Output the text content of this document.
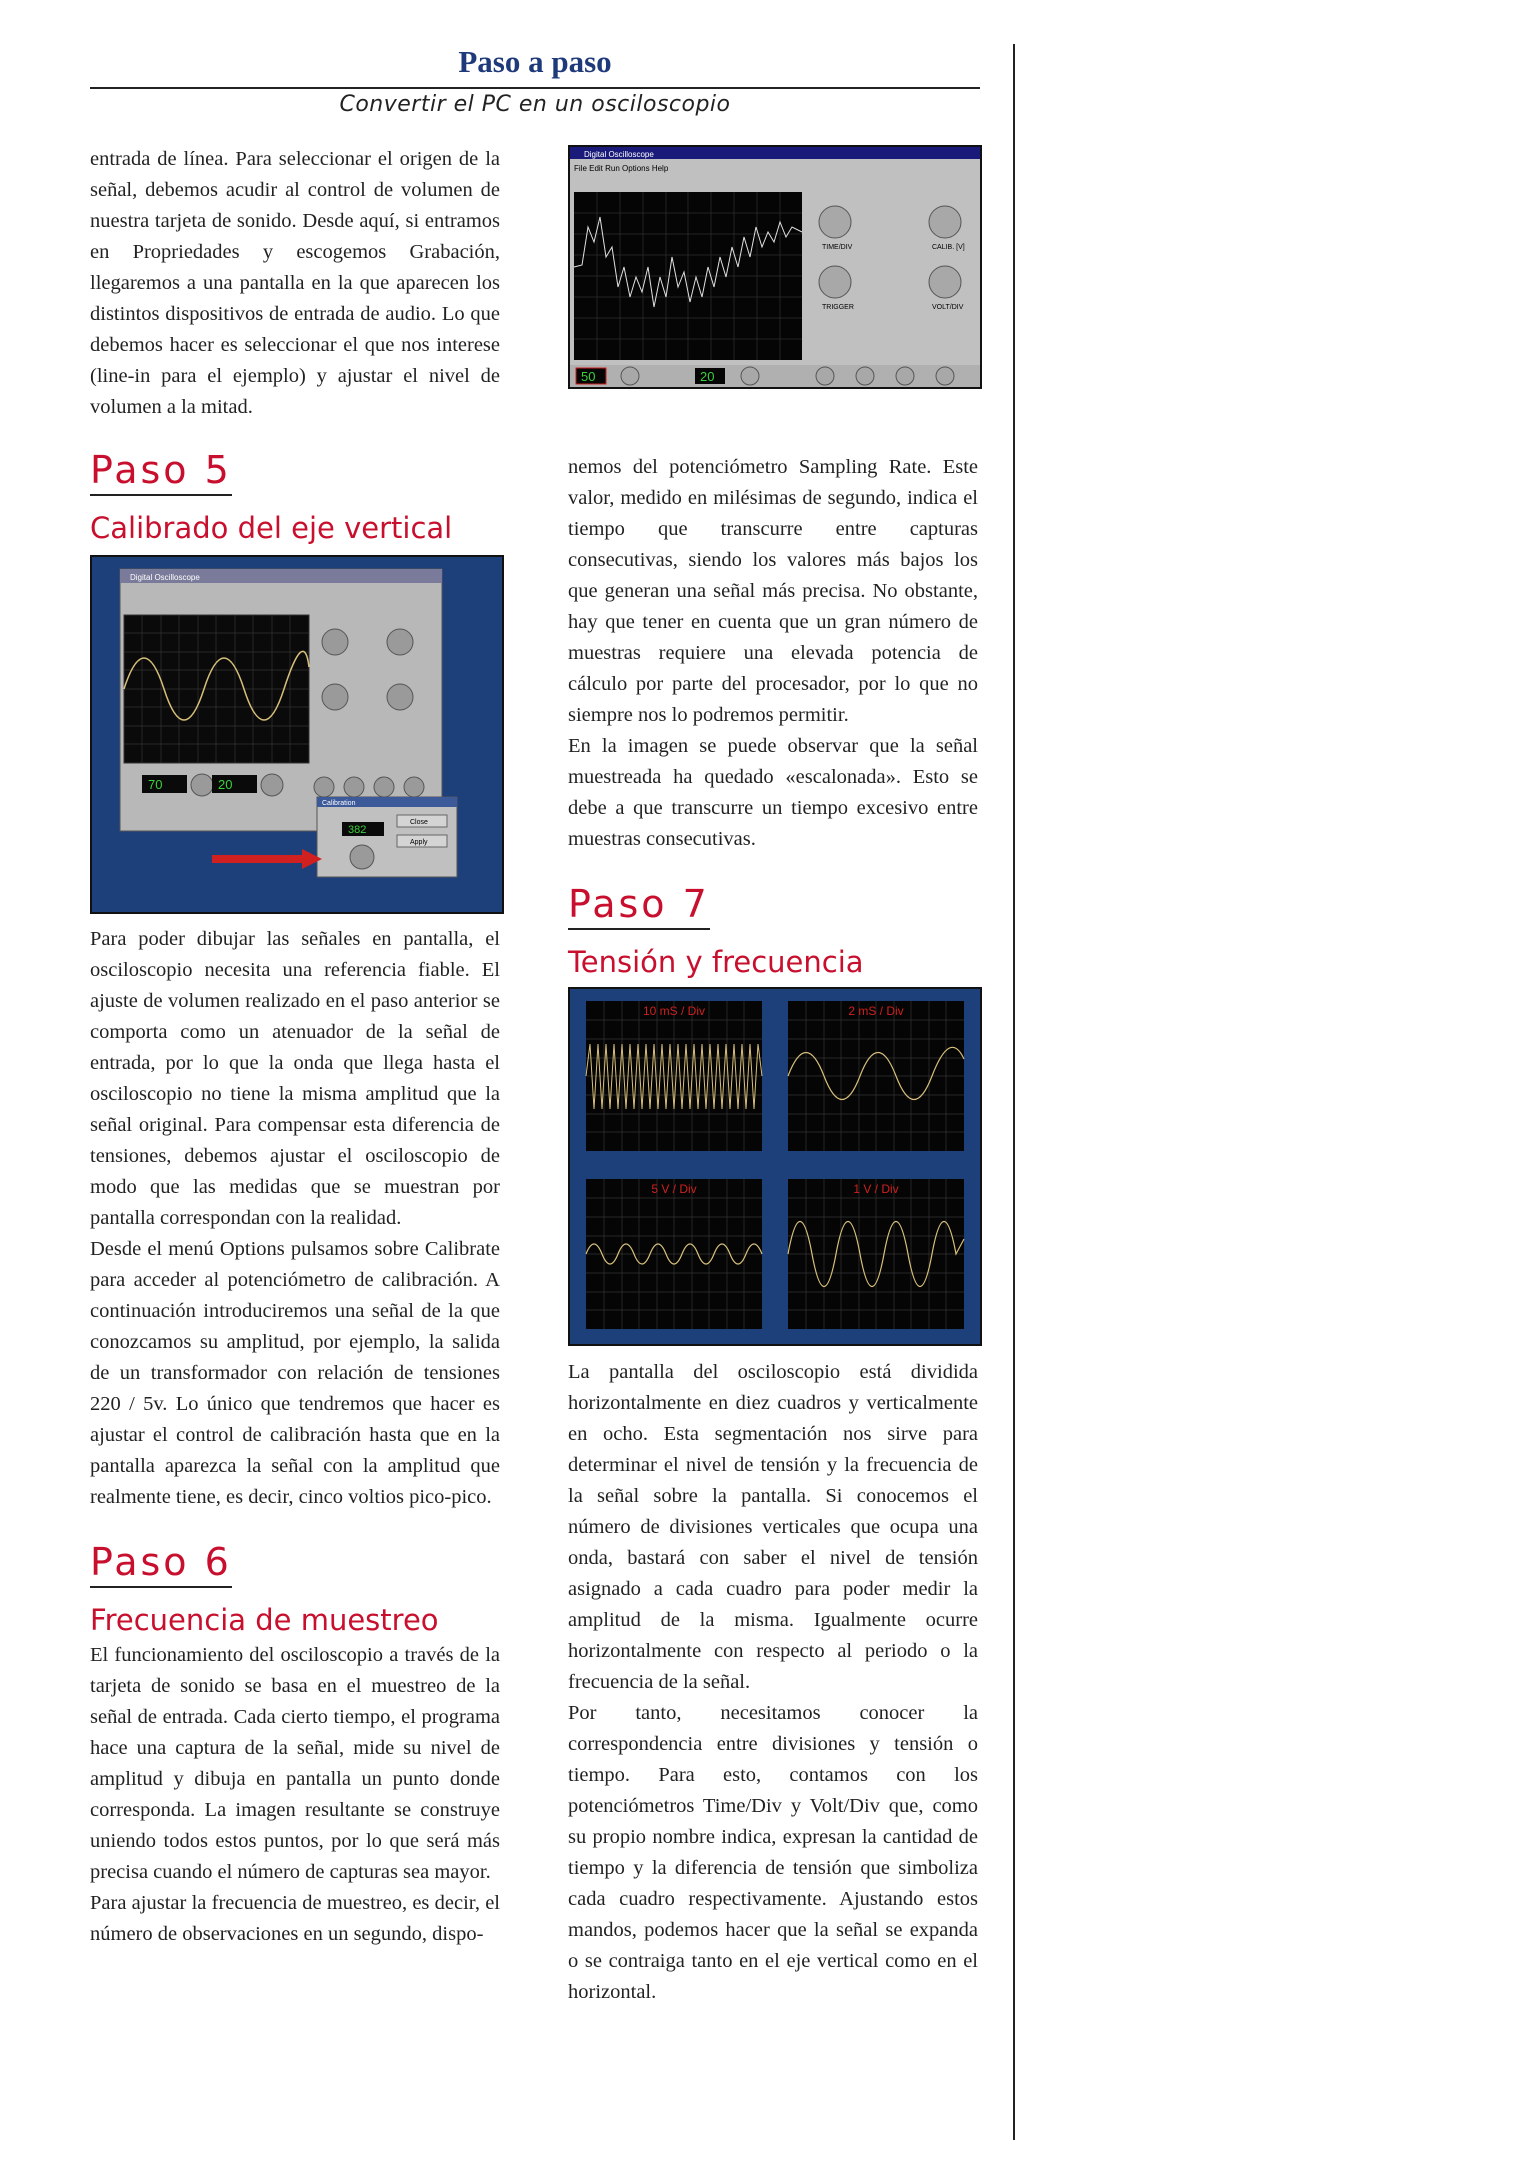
Paso a paso
Convertir el PC en un osciloscopio

entrada de línea. Para seleccionar el origen de la señal, debemos acudir al control de volumen de nuestra tarjeta de sonido. Desde aquí, si entramos en Propriedades y escogemos Grabación, llegaremos a una pantalla en la que aparecen los distintos dispositivos de entrada de audio. Lo que debemos hacer es seleccionar el que nos interese (line-in para el ejemplo) y ajustar el nivel de volumen a la mitad.

Paso 5
Calibrado del eje vertical
Digital Oscilloscope
70	20
Calibration
382
Close
Apply

Para poder dibujar las señales en pantalla, el osciloscopio necesita una referencia fiable. El ajuste de volumen realizado en el paso anterior se comporta como un atenuador de la señal de entrada, por lo que la onda que llega hasta el osciloscopio no tiene la misma amplitud que la señal original. Para compensar esta diferencia de tensiones, debemos ajustar el osciloscopio de modo que las medidas que se muestran por pantalla correspondan con la realidad.

Desde el menú Options pulsamos sobre Calibrate para acceder al potenciómetro de calibración. A continuación introduciremos una señal de la que conozcamos su amplitud, por ejemplo, la salida de un transformador con relación de tensiones 220 / 5v. Lo único que tendremos que hacer es ajustar el control de calibración hasta que en la pantalla aparezca la señal con la amplitud que realmente tiene, es decir, cinco voltios pico-pico.

Paso 6
Frecuencia de muestreo

El funcionamiento del osciloscopio a través de la tarjeta de sonido se basa en el muestreo de la señal de entrada. Cada cierto tiempo, el programa hace una captura de la señal, mide su nivel de amplitud y dibuja en pantalla un punto donde corresponda. La imagen resultante se construye uniendo todos estos puntos, por lo que será más precisa cuando el número de capturas sea mayor.

Para ajustar la frecuencia de muestreo, es decir, el número de observaciones en un segundo, dispo-

Digital Oscilloscope
File Edit Run Options Help
TIME/DIV	CALIB. [V]
TRIGGER	VOLT/DIV
50	20

nemos del potenciómetro Sampling Rate. Este valor, medido en milésimas de segundo, indica el tiempo que transcurre entre capturas consecutivas, siendo los valores más bajos los que generan una señal más precisa. No obstante, hay que tener en cuenta que un gran número de muestras requiere una elevada potencia de cálculo por parte del procesador, por lo que no siempre nos lo podremos permitir.

En la imagen se puede observar que la señal muestreada ha quedado «escalonada». Esto se debe a que transcurre un tiempo excesivo entre muestras consecutivas.

Paso 7
Tensión y frecuencia
10 mS / Div	2 mS / Div
5 V / Div	1 V / Div

La pantalla del osciloscopio está dividida horizontalmente en diez cuadros y verticalmente en ocho. Esta segmentación nos sirve para determinar el nivel de tensión y la frecuencia de la señal sobre la pantalla. Si conocemos el número de divisiones verticales que ocupa una onda, bastará con saber el nivel de tensión asignado a cada cuadro para poder medir la amplitud de la misma. Igualmente ocurre horizontalmente con respecto al periodo o la frecuencia de la señal.

Por tanto, necesitamos conocer la correspondencia entre divisiones y tensión o tiempo. Para esto, contamos con los potenciómetros Time/Div y Volt/Div que, como su propio nombre indica, expresan la cantidad de tiempo y la diferencia de tensión que simboliza cada cuadro respectivamente. Ajustando estos mandos, podemos hacer que la señal se expanda o se contraiga tanto en el eje vertical como en el horizontal.
